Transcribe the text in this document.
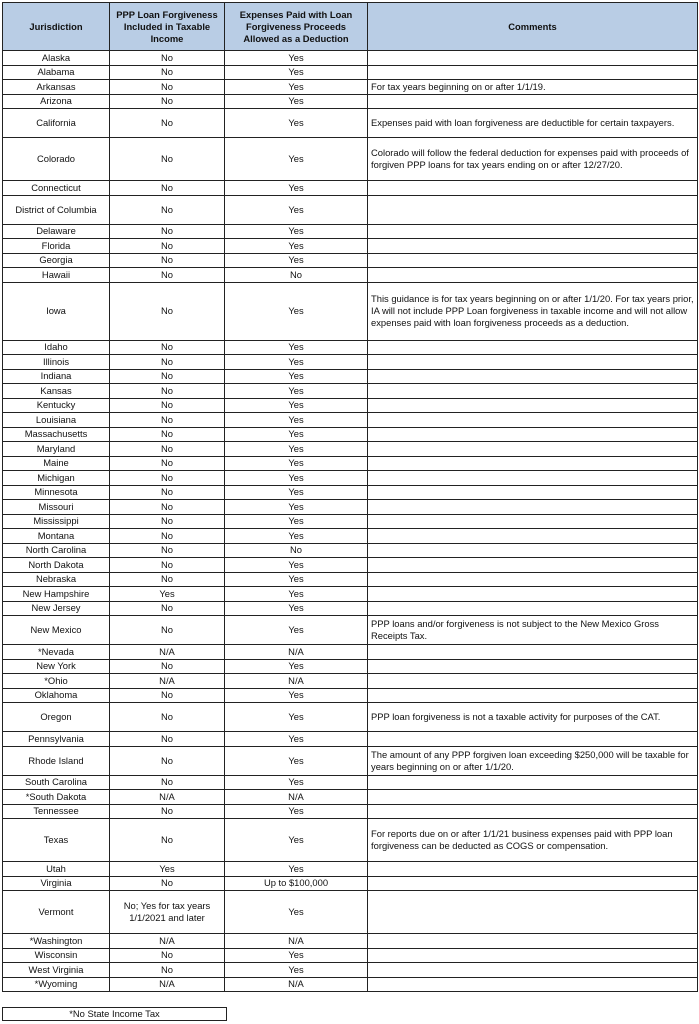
Jurisdiction	PPP Loan Forgiveness Included in Taxable Income	Expenses Paid with Loan Forgiveness Proceeds Allowed as a Deduction	Comments
Alaska	No	Yes	
Alabama	No	Yes	
Arkansas	No	Yes	For tax years beginning on or after 1/1/19.
Arizona	No	Yes	
California	No	Yes	Expenses paid with loan forgiveness are deductible for certain taxpayers.
Colorado	No	Yes	Colorado will follow the federal deduction for expenses paid with proceeds of forgiven PPP loans for tax years ending on or after 12/27/20.
Connecticut	No	Yes	
District of Columbia	No	Yes	
Delaware	No	Yes	
Florida	No	Yes	
Georgia	No	Yes	
Hawaii	No	No	
Iowa	No	Yes	This guidance is for tax years beginning on or after 1/1/20. For tax years prior, IA will not include PPP Loan forgiveness in taxable income and will not allow expenses paid with loan forgiveness proceeds as a deduction.
Idaho	No	Yes	
Illinois	No	Yes	
Indiana	No	Yes	
Kansas	No	Yes	
Kentucky	No	Yes	
Louisiana	No	Yes	
Massachusetts	No	Yes	
Maryland	No	Yes	
Maine	No	Yes	
Michigan	No	Yes	
Minnesota	No	Yes	
Missouri	No	Yes	
Mississippi	No	Yes	
Montana	No	Yes	
North Carolina	No	No	
North Dakota	No	Yes	
Nebraska	No	Yes	
New Hampshire	Yes	Yes	
New Jersey	No	Yes	
New Mexico	No	Yes	PPP loans and/or forgiveness is not subject to the New Mexico Gross Receipts Tax.
*Nevada	N/A	N/A	
New York	No	Yes	
*Ohio	N/A	N/A	
Oklahoma	No	Yes	
Oregon	No	Yes	PPP loan forgiveness is not a taxable activity for purposes of the CAT.
Pennsylvania	No	Yes	
Rhode Island	No	Yes	The amount of any PPP forgiven loan exceeding $250,000 will be taxable for years beginning on or after 1/1/20.
South Carolina	No	Yes	
*South Dakota	N/A	N/A	
Tennessee	No	Yes	
Texas	No	Yes	For reports due on or after 1/1/21 business expenses paid with PPP loan forgiveness can be deducted as COGS or compensation.
Utah	Yes	Yes	
Virginia	No	Up to $100,000	
Vermont	No; Yes for tax years 1/1/2021 and later	Yes	
*Washington	N/A	N/A	
Wisconsin	No	Yes	
West Virginia	No	Yes	
*Wyoming	N/A	N/A	
*No State Income Tax
